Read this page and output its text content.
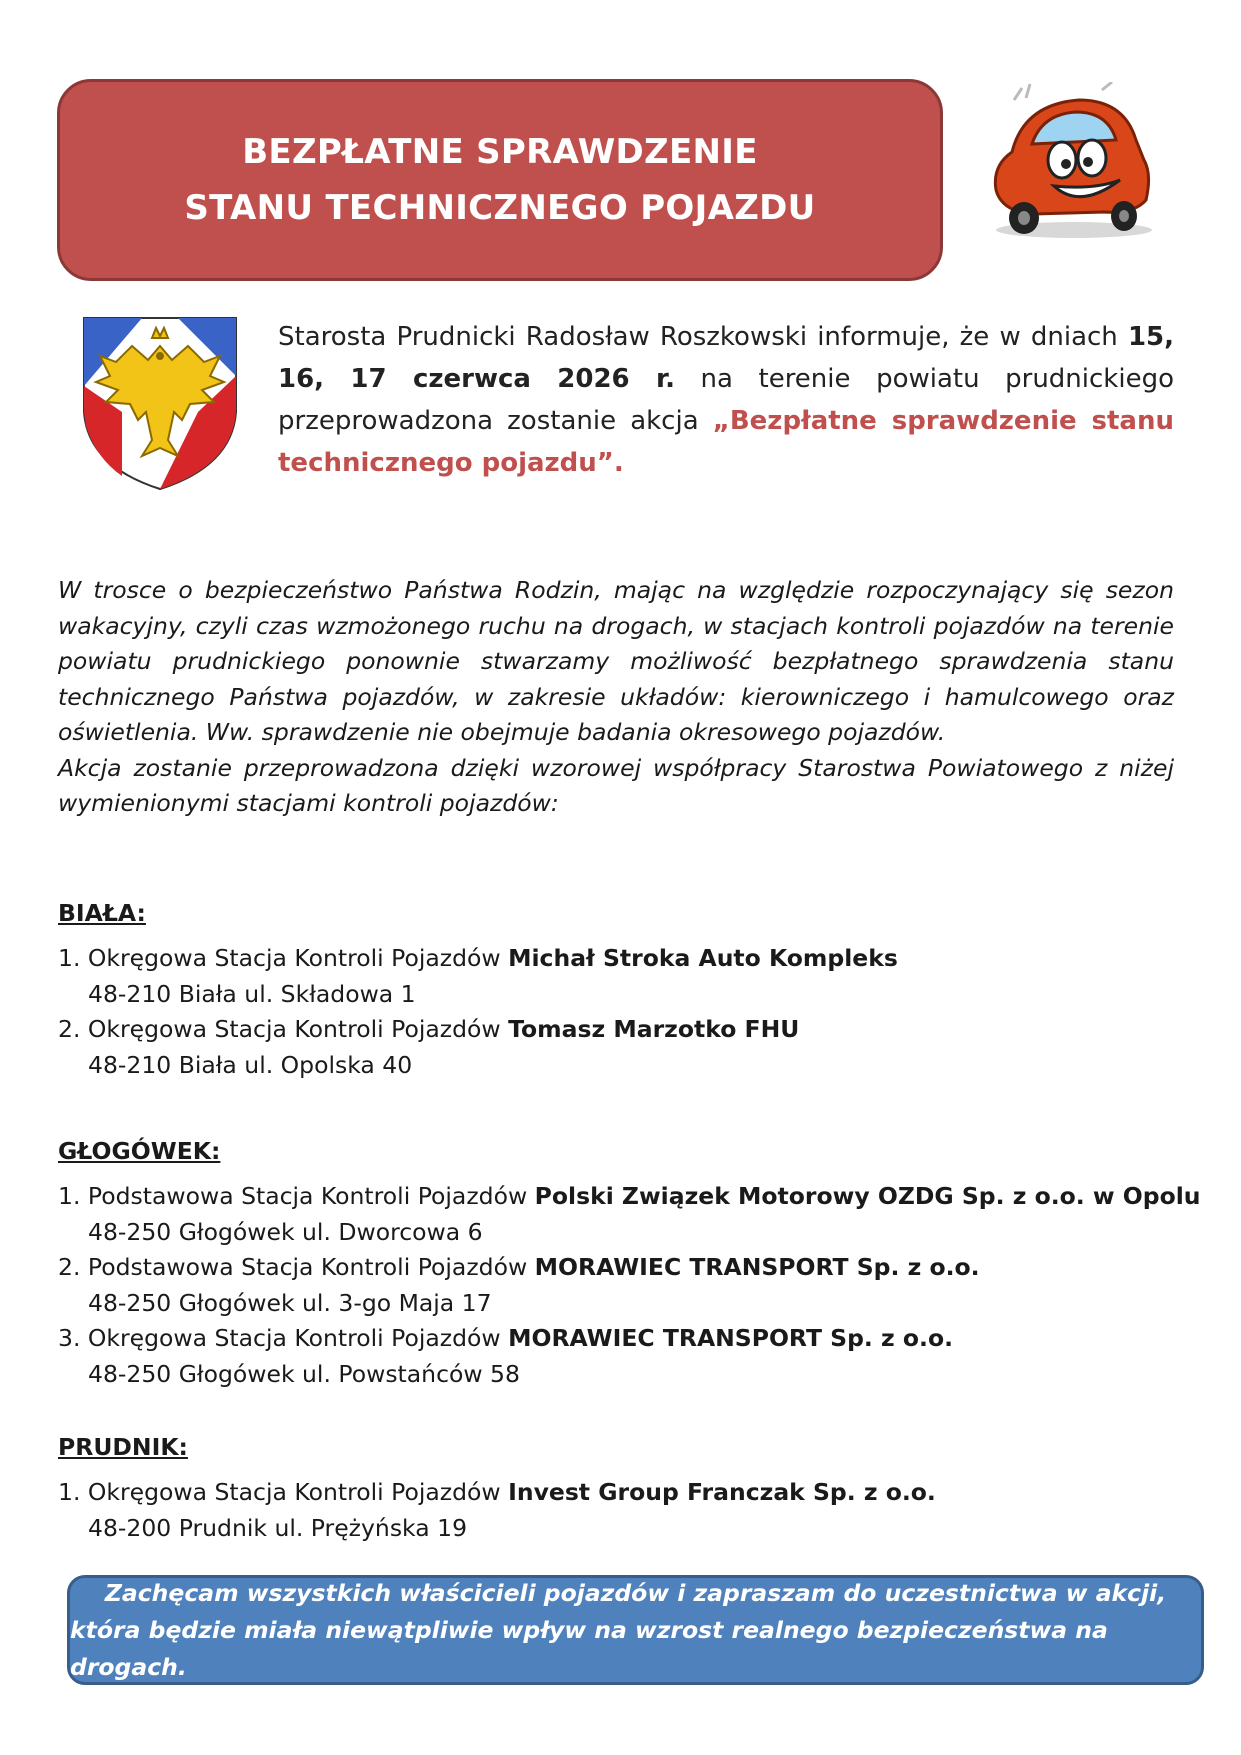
BEZPŁATNE SPRAWDZENIE
STANU TECHNICZNEGO POJAZDU
Starosta Prudnicki Radosław Roszkowski informuje, że w dniach 15, 16, 17 czerwca 2026 r. na terenie powiatu prudnickiego przeprowadzona zostanie akcja „Bezpłatne sprawdzenie stanu technicznego pojazdu”.
W trosce o bezpieczeństwo Państwa Rodzin, mając na względzie rozpoczynający się sezon wakacyjny, czyli czas wzmożonego ruchu na drogach, w stacjach kontroli pojazdów na terenie powiatu prudnickiego ponownie stwarzamy możliwość bezpłatnego sprawdzenia stanu technicznego Państwa pojazdów, w zakresie układów: kierowniczego i hamulcowego oraz oświetlenia. Ww. sprawdzenie nie obejmuje badania okresowego pojazdów.
Akcja zostanie przeprowadzona dzięki wzorowej współpracy Starostwa Powiatowego z niżej wymienionymi stacjami kontroli pojazdów:
BIAŁA:
1. Okręgowa Stacja Kontroli Pojazdów Michał Stroka Auto Kompleks
48-210 Biała ul. Składowa 1
2. Okręgowa Stacja Kontroli Pojazdów Tomasz Marzotko FHU
48-210 Biała ul. Opolska 40
GŁOGÓWEK:
1. Podstawowa Stacja Kontroli Pojazdów Polski Związek Motorowy OZDG Sp. z o.o. w Opolu
48-250 Głogówek ul. Dworcowa 6
2. Podstawowa Stacja Kontroli Pojazdów MORAWIEC TRANSPORT Sp. z o.o.
48-250 Głogówek ul. 3-go Maja 17
3. Okręgowa Stacja Kontroli Pojazdów MORAWIEC TRANSPORT Sp. z o.o.
48-250 Głogówek ul. Powstańców 58
PRUDNIK:
1. Okręgowa Stacja Kontroli Pojazdów Invest Group Franczak Sp. z o.o.
48-200 Prudnik ul. Prężyńska 19
Zachęcam wszystkich właścicieli pojazdów i zapraszam do uczestnictwa w akcji,
która będzie miała niewątpliwie wpływ na wzrost realnego bezpieczeństwa na drogach.
